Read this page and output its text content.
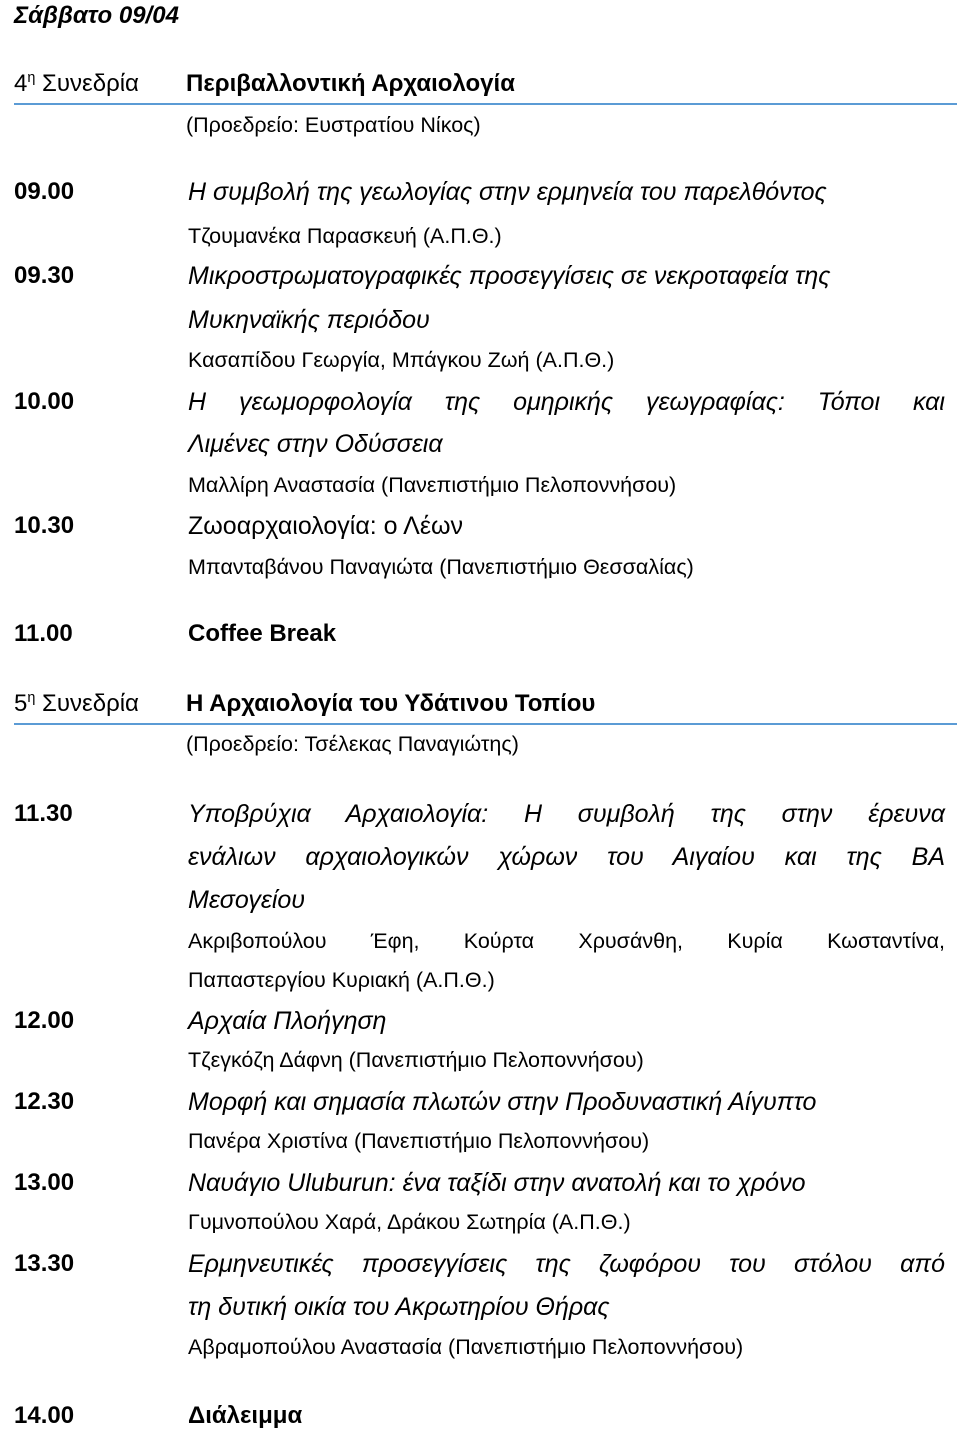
Σάββατο 09/04
$4^\eta$ Συνεδρία Περιβαλλοντική Αρχαιολογία
(Προεδρείο: Ευστρατίου Νίκος)
09.00	Η συμβολή της γεωλογίας στην ερμηνεία του παρελθόντος
Τζουμανέκα Παρασκευή (Α.Π.Θ.)
09.30	Μικροστρωματογραφικές προσεγγίσεις σε νεκροταφεία της
Μυκηναϊκής περιόδου
Κασαπίδου Γεωργία, Μπάγκου Ζωή (Α.Π.Θ.)
10.00	Η γεωμορφολογία της ομηρικής γεωγραφίας: Τόποι και
Λιμένες στην Οδύσσεια
Μαλλίρη Αναστασία (Πανεπιστήμιο Πελοποννήσου)
10.30	Ζωοαρχαιολογία: ο Λέων
Μπανταβάνου Παναγιώτα (Πανεπιστήμιο Θεσσαλίας)
11.00	Coffee Break
$5^\eta$ Συνεδρία Η Αρχαιολογία του Υδάτινου Τοπίου
(Προεδρείο: Τσέλεκας Παναγιώτης)
11.30	Υποβρύχια Αρχαιολογία: Η συμβολή της στην έρευνα
ενάλιων αρχαιολογικών χώρων του Αιγαίου και της ΒΑ
Μεσογείου
Ακριβοπούλου Έφη, Κούρτα Χρυσάνθη, Κυρία Κωσταντίνα,
Παπαστεργίου Κυριακή (Α.Π.Θ.)
12.00	Αρχαία Πλοήγηση
Τζεγκόζη Δάφνη (Πανεπιστήμιο Πελοποννήσου)
12.30	Μορφή και σημασία πλωτών στην Προδυναστική Αίγυπτο
Πανέρα Χριστίνα (Πανεπιστήμιο Πελοποννήσου)
13.00	Ναυάγιο Uluburun: ένα ταξίδι στην ανατολή και το χρόνο
Γυμνοπούλου Χαρά, Δράκου Σωτηρία (Α.Π.Θ.)
13.30	Ερμηνευτικές προσεγγίσεις της ζωφόρου του στόλου από
τη δυτική οικία του Ακρωτηρίου Θήρας
Αβραμοπούλου Αναστασία (Πανεπιστήμιο Πελοποννήσου)
14.00	Διάλειμμα
